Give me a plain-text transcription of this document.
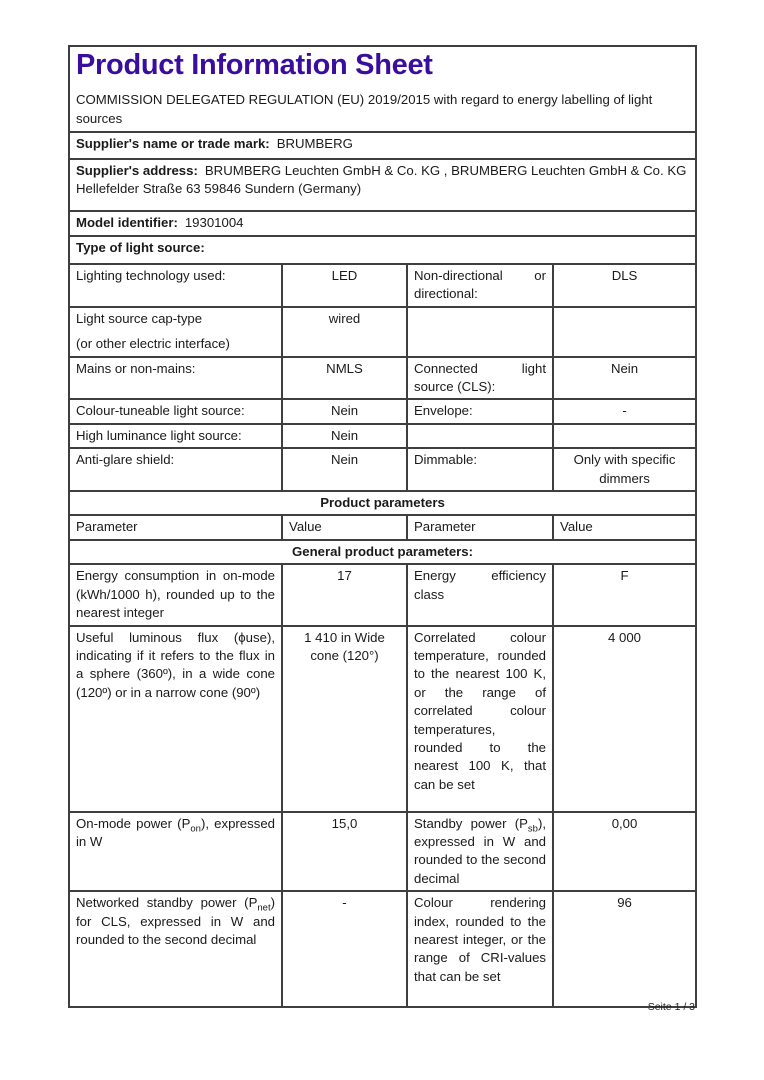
Product Information Sheet
COMMISSION DELEGATED REGULATION (EU) 2019/2015 with regard to energy labelling of light sources

Supplier's name or trade mark: BRUMBERG			
Supplier's address: BRUMBERG Leuchten GmbH & Co. KG , BRUMBERG Leuchten GmbH & Co. KG Hellefelder Straße 63 59846 Sundern (Germany)			
Model identifier: 19301004			
Type of light source:			
Lighting technology used:	LED	Non-directional or directional:	DLS

Light source cap-type
(or other electric interface)	wired		
Mains or non-mains:	NMLS	Connected light source (CLS):	Nein
Colour-tuneable light source:	Nein	Envelope:	-
High luminance light source:	Nein		
Anti-glare shield:	Nein	Dimmable:	Only with specific dimmers
Product parameters			
Parameter	Value	Parameter	Value
General product parameters:			
Energy consumption in on-mode (kWh/1000 h), rounded up to the nearest integer	17	Energy efficiency class	F
Useful luminous flux (ϕuse), indicating if it refers to the flux in a sphere (360º), in a wide cone (120º) or in a narrow cone (90º)	1 410 in Wide cone (120°)	Correlated colour temperature, rounded to the nearest 100 K, or the range of correlated colour temperatures, rounded to the nearest 100 K, that can be set	4 000
On-mode power $(P_{on})$, expressed in W	15,0	Standby power $(P_{sb})$, expressed in W and rounded to the second decimal	0,00
Networked standby power $(P_{net})$ for CLS, expressed in W and rounded to the second decimal	-	Colour rendering index, rounded to the nearest integer, or the range of CRI-values that can be set	96
Seite 1 / 3
